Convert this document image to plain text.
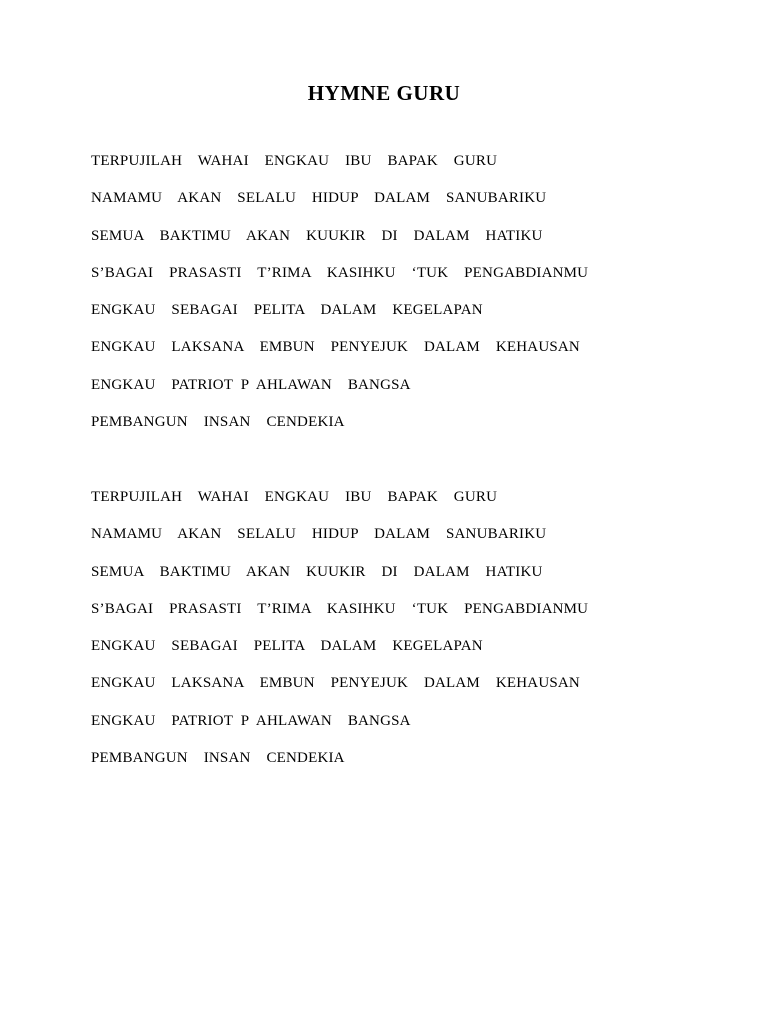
HYMNE GURU
TERPUJILAH  WAHAI  ENGKAU  IBU  BAPAK  GURU
NAMAMU  AKAN  SELALU  HIDUP  DALAM  SANUBARIKU
SEMUA  BAKTIMU  AKAN  KUUKIR  DI  DALAM  HATIKU
S’BAGAI  PRASASTI  T’RIMA  KASIHKU  ‘TUK  PENGABDIANMU
ENGKAU  SEBAGAI  PELITA  DALAM  KEGELAPAN
ENGKAU  LAKSANA  EMBUN  PENYEJUK  DALAM  KEHAUSAN
ENGKAU  PATRIOT P AHLAWAN  BANGSA
PEMBANGUN  INSAN  CENDEKIA
TERPUJILAH  WAHAI  ENGKAU  IBU  BAPAK  GURU
NAMAMU  AKAN  SELALU  HIDUP  DALAM  SANUBARIKU
SEMUA  BAKTIMU  AKAN  KUUKIR  DI  DALAM  HATIKU
S’BAGAI  PRASASTI  T’RIMA  KASIHKU  ‘TUK  PENGABDIANMU
ENGKAU  SEBAGAI  PELITA  DALAM  KEGELAPAN
ENGKAU  LAKSANA  EMBUN  PENYEJUK  DALAM  KEHAUSAN
ENGKAU  PATRIOT P AHLAWAN  BANGSA
PEMBANGUN  INSAN  CENDEKIA
